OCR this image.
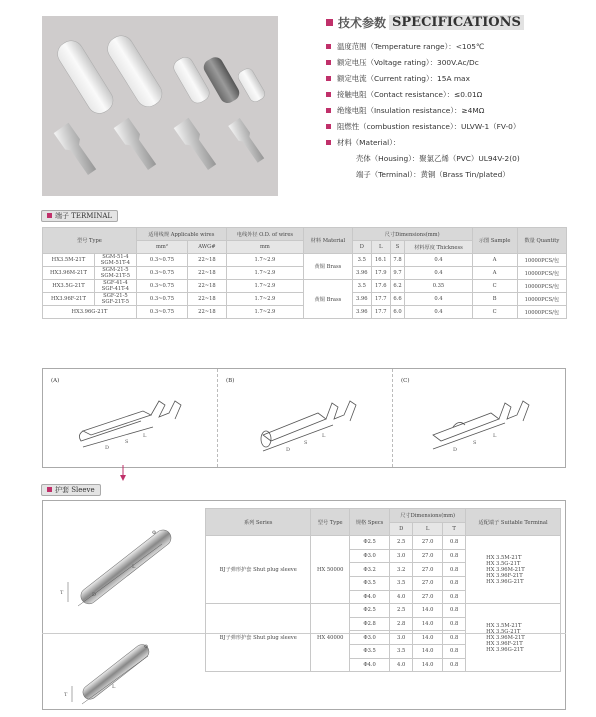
技术参数 SPECIFICATIONS
温度范围（Temperature range）：<105℃
额定电压（Voltage rating）：300V.Ac/Dc
额定电流（Current rating）：15A max
接触电阻（Contact resistance）：≤0.01Ω
绝缘电阻（Insulation resistance）：≥4MΩ
阻燃性（combustion resistance）：ULVW-1（FV-0）
材料（Material）：
壳体（Housing）：聚氯乙烯（PVC）UL94V-2(0)
端子（Terminal）：黄铜（Brass Tin/plated）
端子 TERMINAL
型号 Type		适用线规 Applicable wires		电线外径 O.D. of wires	材料 Material	尺寸Dimensions(mm)				示图 Sample	数量 Quantity
		mm²	AWG#	mm		D	L	S	材料厚度 Thickness		
HX3.5M-21T	SGM-51-4
SGM-51T-4	0.3~0.75	22~18	1.7~2.9	黄铜 Brass	3.5	16.1	7.8	0.4	A	10000PCS/包
HX3.96M-21T	SGM-21-5
SGM-21T-5	0.3~0.75	22~18	1.7~2.9		3.96	17.9	9.7	0.4	A	10000PCS/包
HX3.5G-21T	SGF-41-4
SGF-41T-4	0.3~0.75	22~18	1.7~2.9	黄铜 Brass	3.5	17.6	6.2	0.35	C	10000PCS/包
HX3.96F-21T	SGF-21-5
SGF-21T-5	0.3~0.75	22~18	1.7~2.9		3.96	17.7	6.6	0.4	B	10000PCS/包
HX3.96G-21T		0.3~0.75	22~18	1.7~2.9		3.96	17.7	6.0	0.4	C	10000PCS/包
(A)
D
S
L
(B)
D
S
L
(C)
D
S
L
护套 Sleeve
T	D
L
Φ
T
L
Φ
系列 Series	型号 Type	规格 Specs	尺寸Dimensions(mm)			适配端子 Suitable Terminal
			D	L	T	
BJ子弹形护套 Shut plug sleeve	HX 50000	Φ2.5	2.5	27.0	0.8	HX 3.5M-21T
HX 3.5G-21T
HX 3.96M-21T
HX 3.96F-21T
HX 3.96G-21T

		Φ3.0	3.0	27.0	0.8	
		Φ3.2	3.2	27.0	0.8	
		Φ3.5	3.5	27.0	0.8	
		Φ4.0	4.0	27.0	0.8	
BJ子弹形护套 Shut plug sleeve	HX 40000	Φ2.5	2.5	14.0	0.8	HX 3.5M-21T
HX 3.5G-21T
HX 3.96M-21T
HX 3.96F-21T
HX 3.96G-21T

		Φ2.8	2.8	14.0	0.8	
		Φ3.0	3.0	14.0	0.8	
		Φ3.5	3.5	14.0	0.8	
		Φ4.0	4.0	14.0	0.8	
